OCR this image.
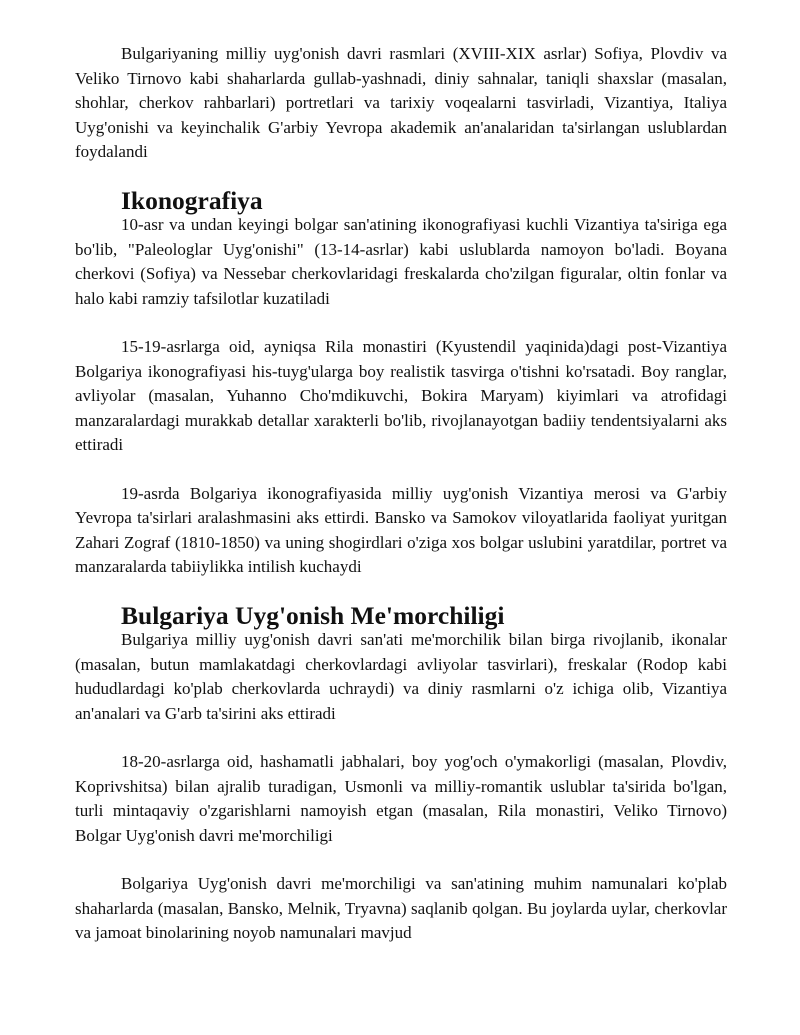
Bulgariyaning milliy uyg'onish davri rasmlari (XVIII-XIX asrlar) Sofiya, Plovdiv va Veliko Tirnovo kabi shaharlarda gullab-yashnadi, diniy sahnalar, taniqli shaxslar (masalan, shohlar, cherkov rahbarlari) portretlari va tarixiy voqealarni tasvirladi, Vizantiya, Italiya Uyg'onishi va keyinchalik G'arbiy Yevropa akademik an'analaridan ta'sirlangan uslublardan foydalandi

Ikonografiya

10-asr va undan keyingi bolgar san'atining ikonografiyasi kuchli Vizantiya ta'siriga ega bo'lib, "Paleologlar Uyg'onishi" (13-14-asrlar) kabi uslublarda namoyon bo'ladi. Boyana cherkovi (Sofiya) va Nessebar cherkovlaridagi freskalarda cho'zilgan figuralar, oltin fonlar va halo kabi ramziy tafsilotlar kuzatiladi

15-19-asrlarga oid, ayniqsa Rila monastiri (Kyustendil yaqinida)dagi post-Vizantiya Bolgariya ikonografiyasi his-tuyg'ularga boy realistik tasvirga o'tishni ko'rsatadi. Boy ranglar, avliyolar (masalan, Yuhanno Cho'mdikuvchi, Bokira Maryam) kiyimlari va atrofidagi manzaralardagi murakkab detallar xarakterli bo'lib, rivojlanayotgan badiiy tendentsiyalarni aks ettiradi

19-asrda Bolgariya ikonografiyasida milliy uyg'onish Vizantiya merosi va G'arbiy Yevropa ta'sirlari aralashmasini aks ettirdi. Bansko va Samokov viloyatlarida faoliyat yuritgan Zahari Zograf (1810-1850) va uning shogirdlari o'ziga xos bolgar uslubini yaratdilar, portret va manzaralarda tabiiylikka intilish kuchaydi

Bulgariya Uyg'onish Me'morchiligi

Bulgariya milliy uyg'onish davri san'ati me'morchilik bilan birga rivojlanib, ikonalar (masalan, butun mamlakatdagi cherkovlardagi avliyolar tasvirlari), freskalar (Rodop kabi hududlardagi ko'plab cherkovlarda uchraydi) va diniy rasmlarni o'z ichiga olib, Vizantiya an'analari va G'arb ta'sirini aks ettiradi

18-20-asrlarga oid, hashamatli jabhalari, boy yog'och o'ymakorligi (masalan, Plovdiv, Koprivshitsa) bilan ajralib turadigan, Usmonli va milliy-romantik uslublar ta'sirida bo'lgan, turli mintaqaviy o'zgarishlarni namoyish etgan (masalan, Rila monastiri, Veliko Tirnovo) Bolgar Uyg'onish davri me'morchiligi

Bolgariya Uyg'onish davri me'morchiligi va san'atining muhim namunalari ko'plab shaharlarda (masalan, Bansko, Melnik, Tryavna) saqlanib qolgan. Bu joylarda uylar, cherkovlar va jamoat binolarining noyob namunalari mavjud
